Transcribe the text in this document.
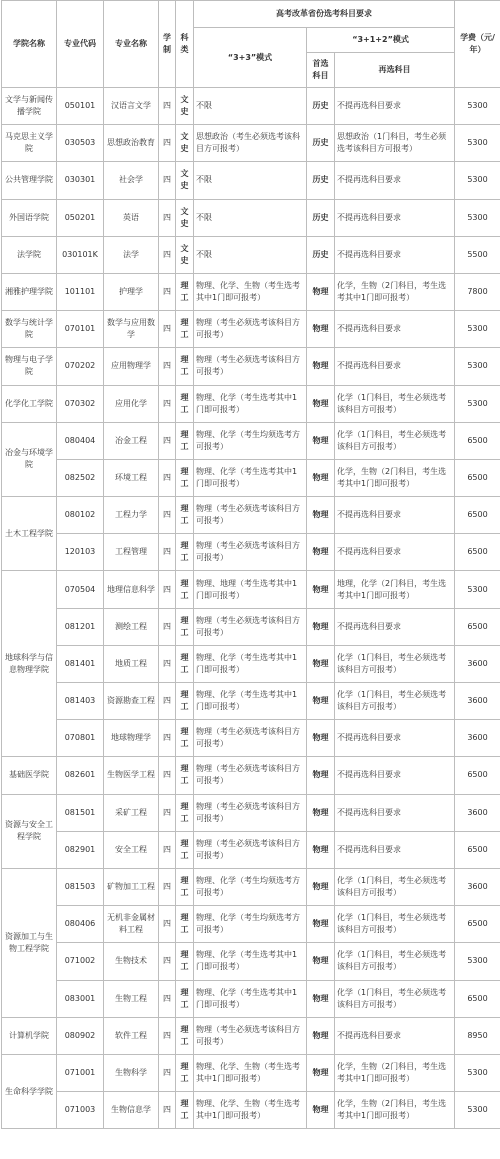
学院名称	专业代码	专业名称	学制	科类	高考改革省份选考科目要求			学费（元/年）
					“3+3”模式	“3+1+2”模式		
						首选科目	再选科目	
文学与新闻传播学院	050101	汉语言文学	四	文史	不限	历史	不提再选科目要求	5300
马克思主义学院	030503	思想政治教育	四	文史	思想政治（考生必须选考该科目方可报考）	历史	思想政治（1门科目，考生必须选考该科目方可报考）	5300
公共管理学院	030301	社会学	四	文史	不限	历史	不提再选科目要求	5300
外国语学院	050201	英语	四	文史	不限	历史	不提再选科目要求	5300
法学院	030101K	法学	四	文史	不限	历史	不提再选科目要求	5500
湘雅护理学院	101101	护理学	四	理工	物理、化学、生物（考生选考其中1门即可报考）	物理	化学，生物（2门科目，考生选考其中1门即可报考）	7800
数学与统计学院	070101	数学与应用数学	四	理工	物理（考生必须选考该科目方可报考）	物理	不提再选科目要求	5300
物理与电子学院	070202	应用物理学	四	理工	物理（考生必须选考该科目方可报考）	物理	不提再选科目要求	5300
化学化工学院	070302	应用化学	四	理工	物理、化学（考生选考其中1门即可报考）	物理	化学（1门科目，考生必须选考该科目方可报考）	5300
冶金与环境学院	080404	冶金工程	四	理工	物理、化学（考生均须选考方可报考）	物理	化学（1门科目，考生必须选考该科目方可报考）	6500
	082502	环境工程	四	理工	物理、化学（考生选考其中1门即可报考）	物理	化学，生物（2门科目，考生选考其中1门即可报考）	6500
土木工程学院	080102	工程力学	四	理工	物理（考生必须选考该科目方可报考）	物理	不提再选科目要求	6500
	120103	工程管理	四	理工	物理（考生必须选考该科目方可报考）	物理	不提再选科目要求	6500
地球科学与信息物理学院	070504	地理信息科学	四	理工	物理、地理（考生选考其中1门即可报考）	物理	地理，化学（2门科目，考生选考其中1门即可报考）	5300
	081201	测绘工程	四	理工	物理（考生必须选考该科目方可报考）	物理	不提再选科目要求	6500
	081401	地质工程	四	理工	物理、化学（考生选考其中1门即可报考）	物理	化学（1门科目，考生必须选考该科目方可报考）	3600
	081403	资源勘查工程	四	理工	物理、化学（考生选考其中1门即可报考）	物理	化学（1门科目，考生必须选考该科目方可报考）	3600
	070801	地球物理学	四	理工	物理（考生必须选考该科目方可报考）	物理	不提再选科目要求	3600
基础医学院	082601	生物医学工程	四	理工	物理（考生必须选考该科目方可报考）	物理	不提再选科目要求	6500
资源与安全工程学院	081501	采矿工程	四	理工	物理（考生必须选考该科目方可报考）	物理	不提再选科目要求	3600
	082901	安全工程	四	理工	物理（考生必须选考该科目方可报考）	物理	不提再选科目要求	6500
资源加工与生物工程学院	081503	矿物加工工程	四	理工	物理、化学（考生均须选考方可报考）	物理	化学（1门科目，考生必须选考该科目方可报考）	3600
	080406	无机非金属材料工程	四	理工	物理、化学（考生均须选考方可报考）	物理	化学（1门科目，考生必须选考该科目方可报考）	6500
	071002	生物技术	四	理工	物理、化学（考生选考其中1门即可报考）	物理	化学（1门科目，考生必须选考该科目方可报考）	5300
	083001	生物工程	四	理工	物理、化学（考生选考其中1门即可报考）	物理	化学（1门科目，考生必须选考该科目方可报考）	6500
计算机学院	080902	软件工程	四	理工	物理（考生必须选考该科目方可报考）	物理	不提再选科目要求	8950
生命科学学院	071001	生物科学	四	理工	物理、化学、生物（考生选考其中1门即可报考）	物理	化学，生物（2门科目，考生选考其中1门即可报考）	5300
	071003	生物信息学	四	理工	物理、化学、生物（考生选考其中1门即可报考）	物理	化学，生物（2门科目，考生选考其中1门即可报考）	5300
